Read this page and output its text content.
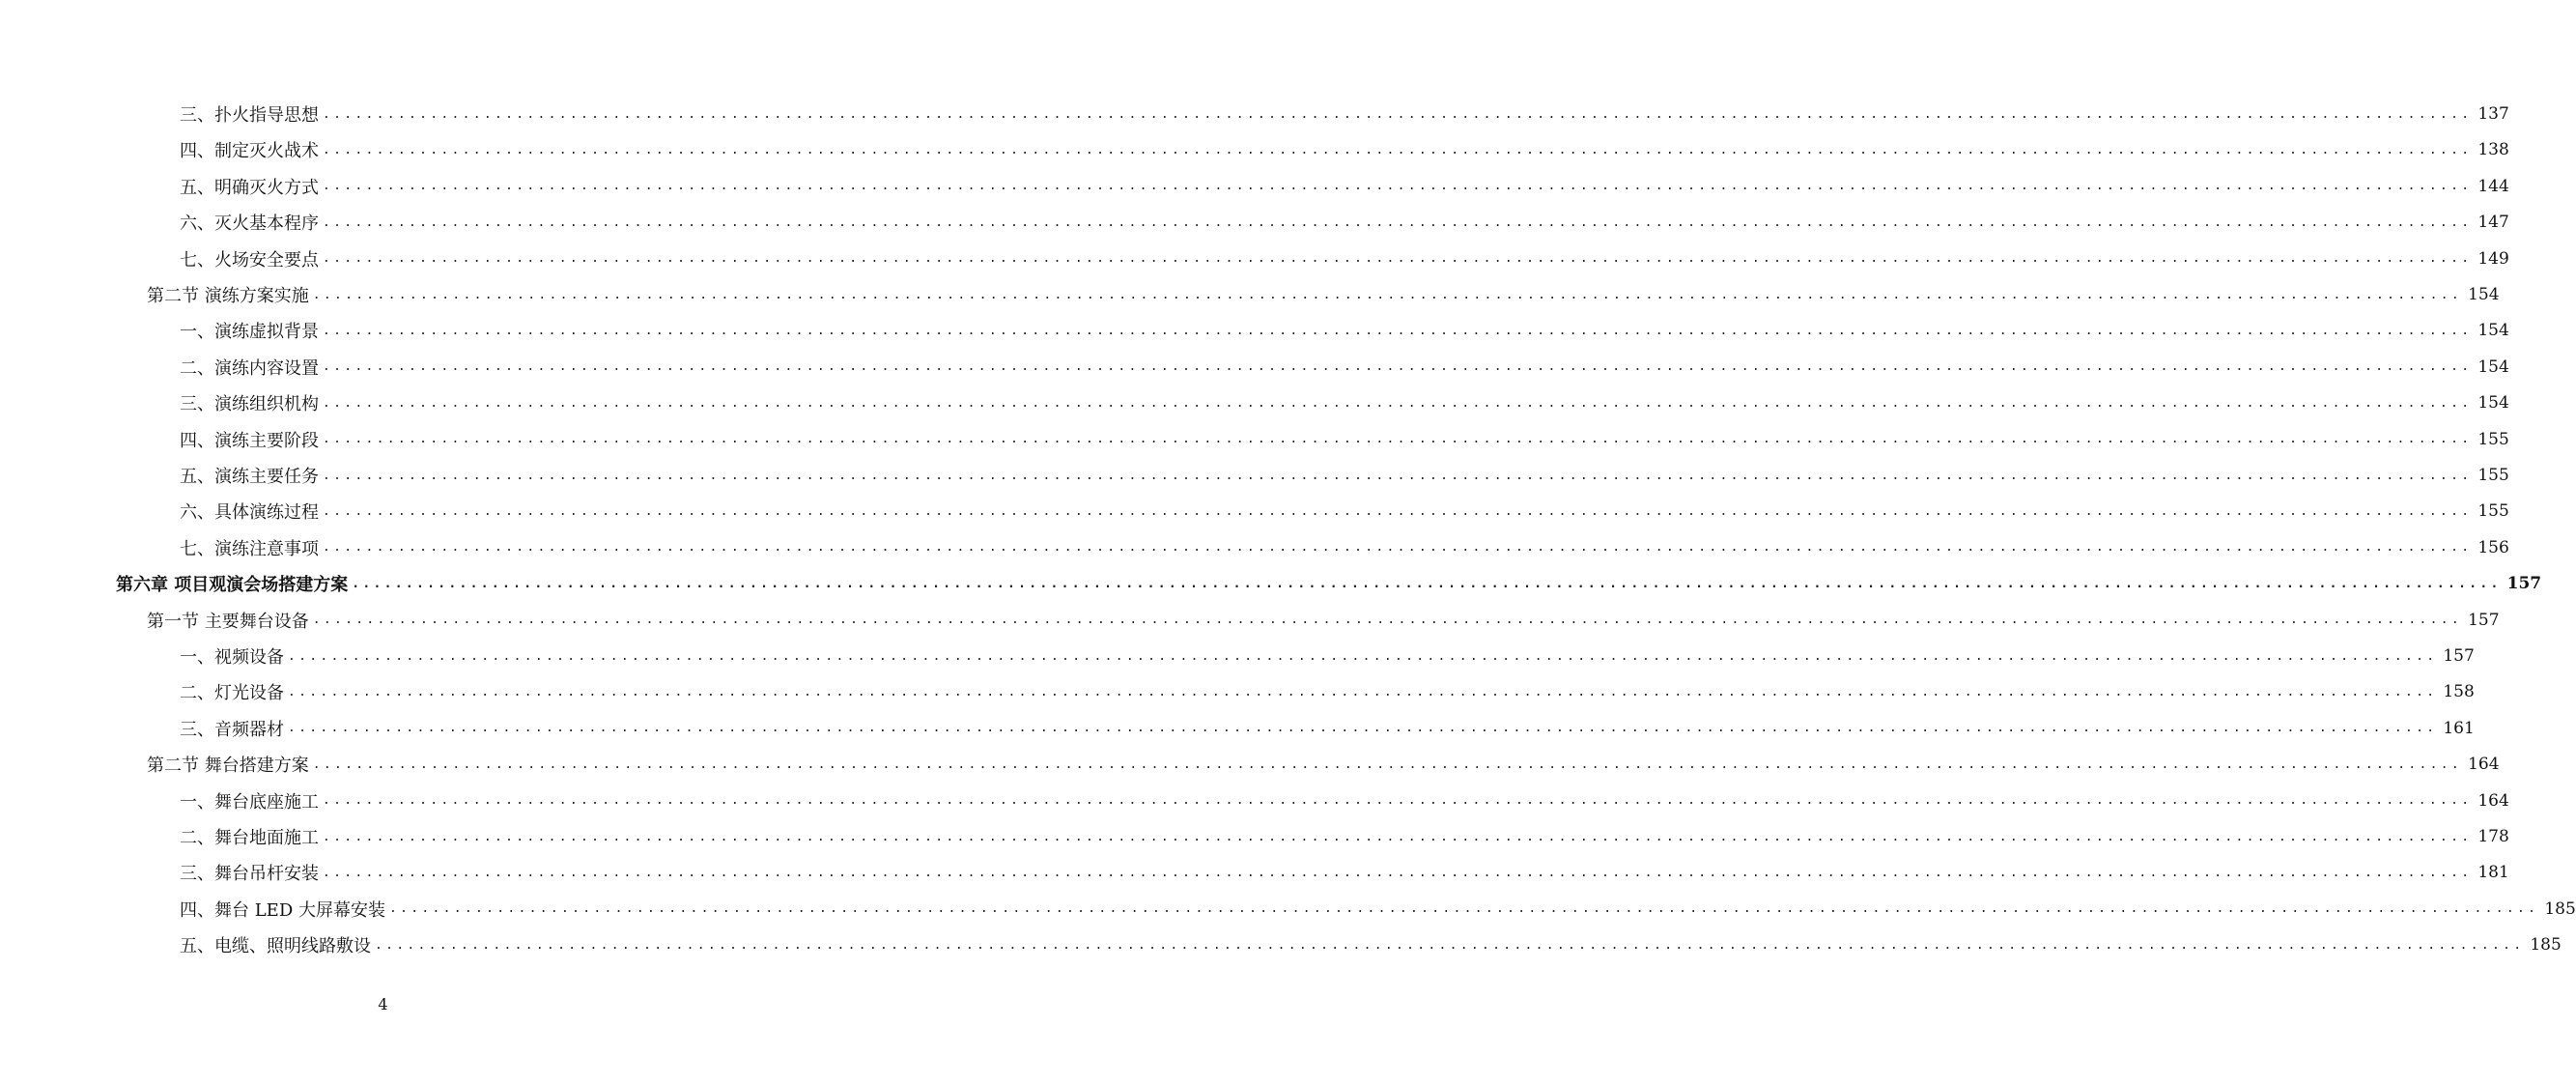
三、扑火指导思想 ........................................................................................................................................................................................................ 137
四、制定灭火战术 ........................................................................................................................................................................................................ 138
五、明确灭火方式 ........................................................................................................................................................................................................ 144
六、灭火基本程序 ........................................................................................................................................................................................................ 147
七、火场安全要点 ........................................................................................................................................................................................................ 149
第二节 演练方案实施 ........................................................................................................................................................................................................ 154
一、演练虚拟背景 ........................................................................................................................................................................................................ 154
二、演练内容设置 ........................................................................................................................................................................................................ 154
三、演练组织机构 ........................................................................................................................................................................................................ 154
四、演练主要阶段 ........................................................................................................................................................................................................ 155
五、演练主要任务 ........................................................................................................................................................................................................ 155
六、具体演练过程 ........................................................................................................................................................................................................ 155
七、演练注意事项 ........................................................................................................................................................................................................ 156
第六章 项目观演会场搭建方案 ........................................................................................................................................................................................................ 157
第一节 主要舞台设备 ........................................................................................................................................................................................................ 157
一、视频设备 ........................................................................................................................................................................................................ 157
二、灯光设备 ........................................................................................................................................................................................................ 158
三、音频器材 ........................................................................................................................................................................................................ 161
第二节 舞台搭建方案 ........................................................................................................................................................................................................ 164
一、舞台底座施工 ........................................................................................................................................................................................................ 164
二、舞台地面施工 ........................................................................................................................................................................................................ 178
三、舞台吊杆安装 ........................................................................................................................................................................................................ 181
四、舞台 LED 大屏幕安装 ........................................................................................................................................................................................................ 185
五、电缆、照明线路敷设 ........................................................................................................................................................................................................ 185
4
